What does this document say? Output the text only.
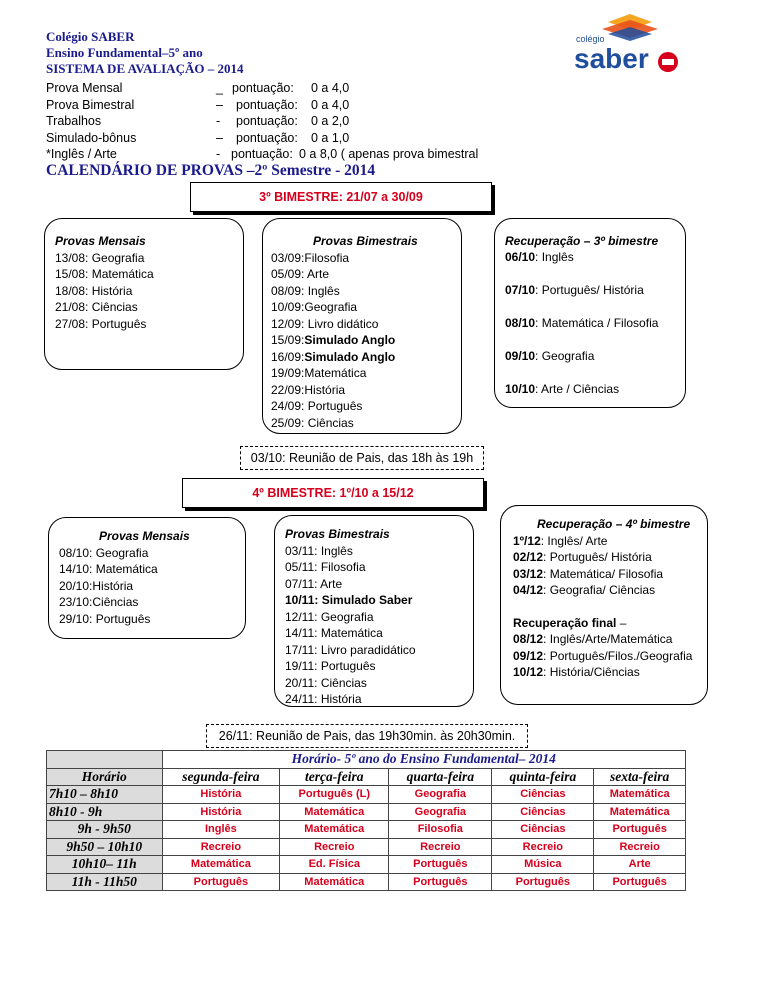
Colégio SABER
Ensino Fundamental–5º ano
SISTEMA DE AVALIAÇÃO – 2014
Prova Mensal	_ pontuação: 0 a 4,0
Prova Bimestral	– pontuação: 0 a 4,0
Trabalhos	- pontuação: 0 a 2,0
Simulado-bônus	– pontuação: 0 a 1,0
*Inglês / Arte	- pontuação: 0 a 8,0 ( apenas prova bimestral
CALENDÁRIO DE PROVAS –2º Semestre - 2014
colégio
saber
3º BIMESTRE: 21/07 a 30/09
Provas Mensais
13/08: Geografia
15/08: Matemática
18/08: História
21/08: Ciências
27/08: Português
Provas Bimestrais
03/09:Filosofia
05/09: Arte
08/09: Inglês
10/09:Geografia
12/09: Livro didático
15/09:Simulado Anglo
16/09:Simulado Anglo
19/09:Matemática
22/09:História
24/09: Português
25/09: Ciências
Recuperação – 3º bimestre
06/10: Inglês
07/10: Português/ História
08/10: Matemática / Filosofia
09/10: Geografia
10/10: Arte / Ciências
03/10: Reunião de Pais, das 18h às 19h
4º BIMESTRE: 1º/10 a 15/12
Provas Mensais
08/10: Geografia
14/10: Matemática
20/10:História
23/10:Ciências
29/10: Português
Provas Bimestrais
03/11: Inglês
05/11: Filosofia
07/11: Arte
10/11: Simulado Saber
12/11: Geografia
14/11: Matemática
17/11: Livro paradidático
19/11: Português
20/11: Ciências
24/11: História
Recuperação – 4º bimestre
1º/12: Inglês/ Arte
02/12: Português/ História
03/12: Matemática/ Filosofia
04/12: Geografia/ Ciências
Recuperação final –
08/12: Inglês/Arte/Matemática
09/12: Português/Filos./Geografia
10/12: História/Ciências
26/11: Reunião de Pais, das 19h30min. às 20h30min.
	Horário- 5º ano do Ensino Fundamental– 2014				
Horário	segunda-feira	terça-feira	quarta-feira	quinta-feira	sexta-feira
7h10 – 8h10	História	Português (L)	Geografia	Ciências	Matemática
8h10 - 9h	História	Matemática	Geografia	Ciências	Matemática
9h - 9h50	Inglês	Matemática	Filosofia	Ciências	Português
9h50 – 10h10	Recreio	Recreio	Recreio	Recreio	Recreio
10h10– 11h	Matemática	Ed. Física	Português	Música	Arte
11h - 11h50	Português	Matemática	Português	Português	Português
